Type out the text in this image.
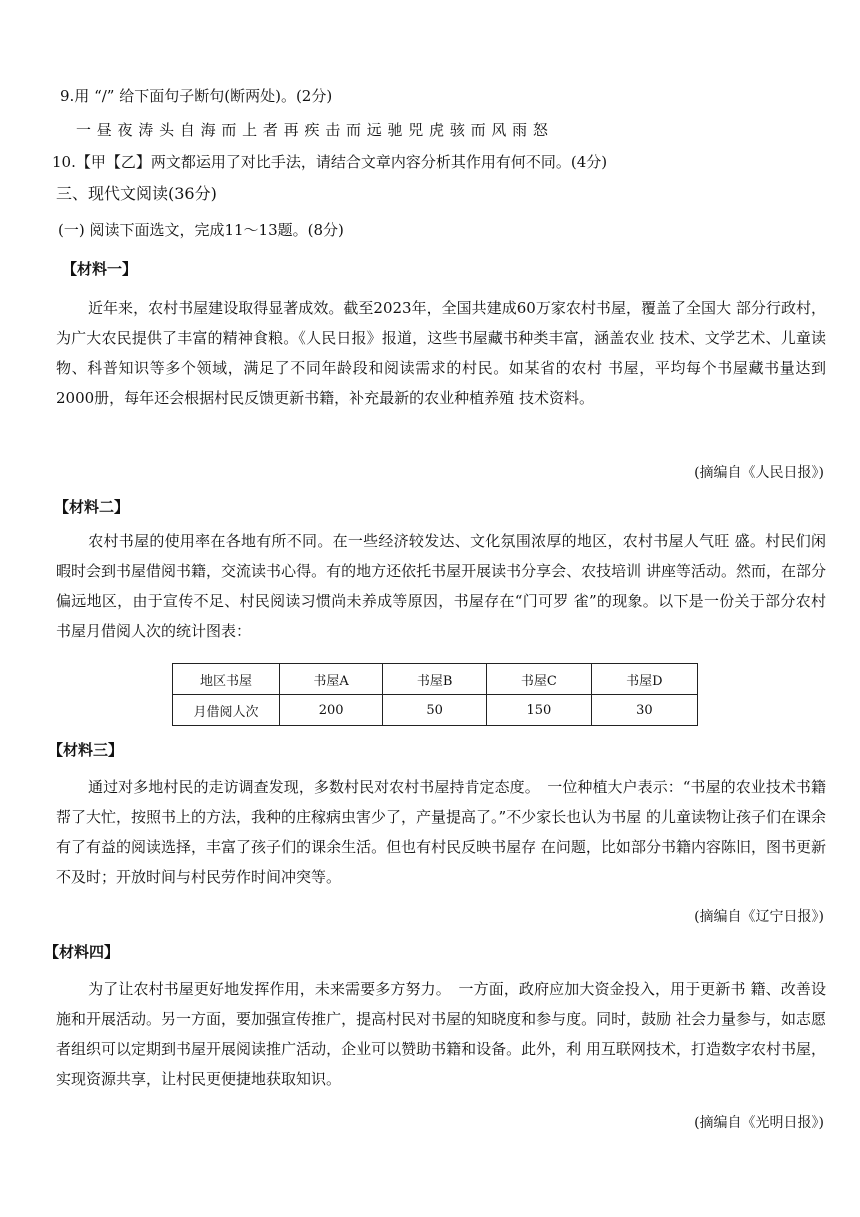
9.用 “/” 给下面句子断句(断两处)。(2分)
一 昼 夜 涛 头 自 海 而 上 者 再 疾 击 而 远 驰 兕 虎 骇 而 风 雨 怒
10.【甲【乙】两文都运用了对比手法，请结合文章内容分析其作用有何不同。(4分)
三、现代文阅读(36分)
(一) 阅读下面选文，完成11～13题。(8分)
【材料一】
近年来，农村书屋建设取得显著成效。截至2023年，全国共建成60万家农村书屋，覆盖了全国大 部分行政村，为广大农民提供了丰富的精神食粮。《人民日报》报道，这些书屋藏书种类丰富，涵盖农业 技术、文学艺术、儿童读物、科普知识等多个领域，满足了不同年龄段和阅读需求的村民。如某省的农村 书屋，平均每个书屋藏书量达到2000册，每年还会根据村民反馈更新书籍，补充最新的农业种植养殖 技术资料。
(摘编自《人民日报》)
【材料二】
农村书屋的使用率在各地有所不同。在一些经济较发达、文化氛围浓厚的地区，农村书屋人气旺 盛。村民们闲暇时会到书屋借阅书籍，交流读书心得。有的地方还依托书屋开展读书分享会、农技培训 讲座等活动。然而，在部分偏远地区，由于宣传不足、村民阅读习惯尚未养成等原因，书屋存在“门可罗 雀”的现象。以下是一份关于部分农村书屋月借阅人次的统计图表：
地区书屋	书屋A	书屋B	书屋C	书屋D
月借阅人次	200	50	150	30
【材料三】
通过对多地村民的走访调查发现，多数村民对农村书屋持肯定态度。　一位种植大户表示：“书屋的农业技术书籍帮了大忙，按照书上的方法，我种的庄稼病虫害少了，产量提高了。”不少家长也认为书屋 的儿童读物让孩子们在课余有了有益的阅读选择，丰富了孩子们的课余生活。但也有村民反映书屋存 在问题，比如部分书籍内容陈旧，图书更新不及时；开放时间与村民劳作时间冲突等。
(摘编自《辽宁日报》)
【材料四】
为了让农村书屋更好地发挥作用，未来需要多方努力。　一方面，政府应加大资金投入，用于更新书 籍、改善设施和开展活动。另一方面，要加强宣传推广，提高村民对书屋的知晓度和参与度。同时，鼓励 社会力量参与，如志愿者组织可以定期到书屋开展阅读推广活动，企业可以赞助书籍和设备。此外，利 用互联网技术，打造数字农村书屋，实现资源共享，让村民更便捷地获取知识。
(摘编自《光明日报》)
